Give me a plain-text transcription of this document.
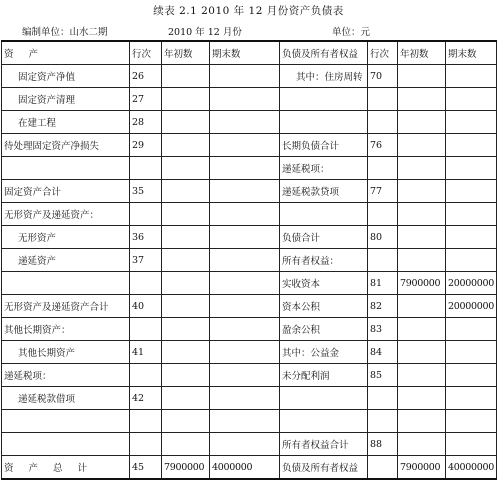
续表 2.1 2010 年 12 月份资产负债表
编制单位：山水二期	2010 年 12 月份	单位：元
资 产	行次	年初数	期末数	负债及所有者权益	行次	年初数	期末数
固定资产净值	26			其中：住房周转	70		
固定资产清理	27						
在建工程	28						
待处理固定资产净损失	29			长期负债合计	76		
				递延税项：			
固定资产合计	35			递延税款贷项	77		
无形资产及递延资产：							
无形资产	36			负债合计	80		
递延资产	37			所有者权益：			
				实收资本	81	7900000	20000000
无形资产及递延资产合计	40			资本公积	82		20000000
其他长期资产：				盈余公积	83		
其他长期资产	41			其中：公益金	84		
递延税项：				未分配利润	85		
递延税款借项	42						

				所有者权益合计	88		
资 产 总 计	45	7900000	4000000	负债及所有者权益		7900000	40000000
